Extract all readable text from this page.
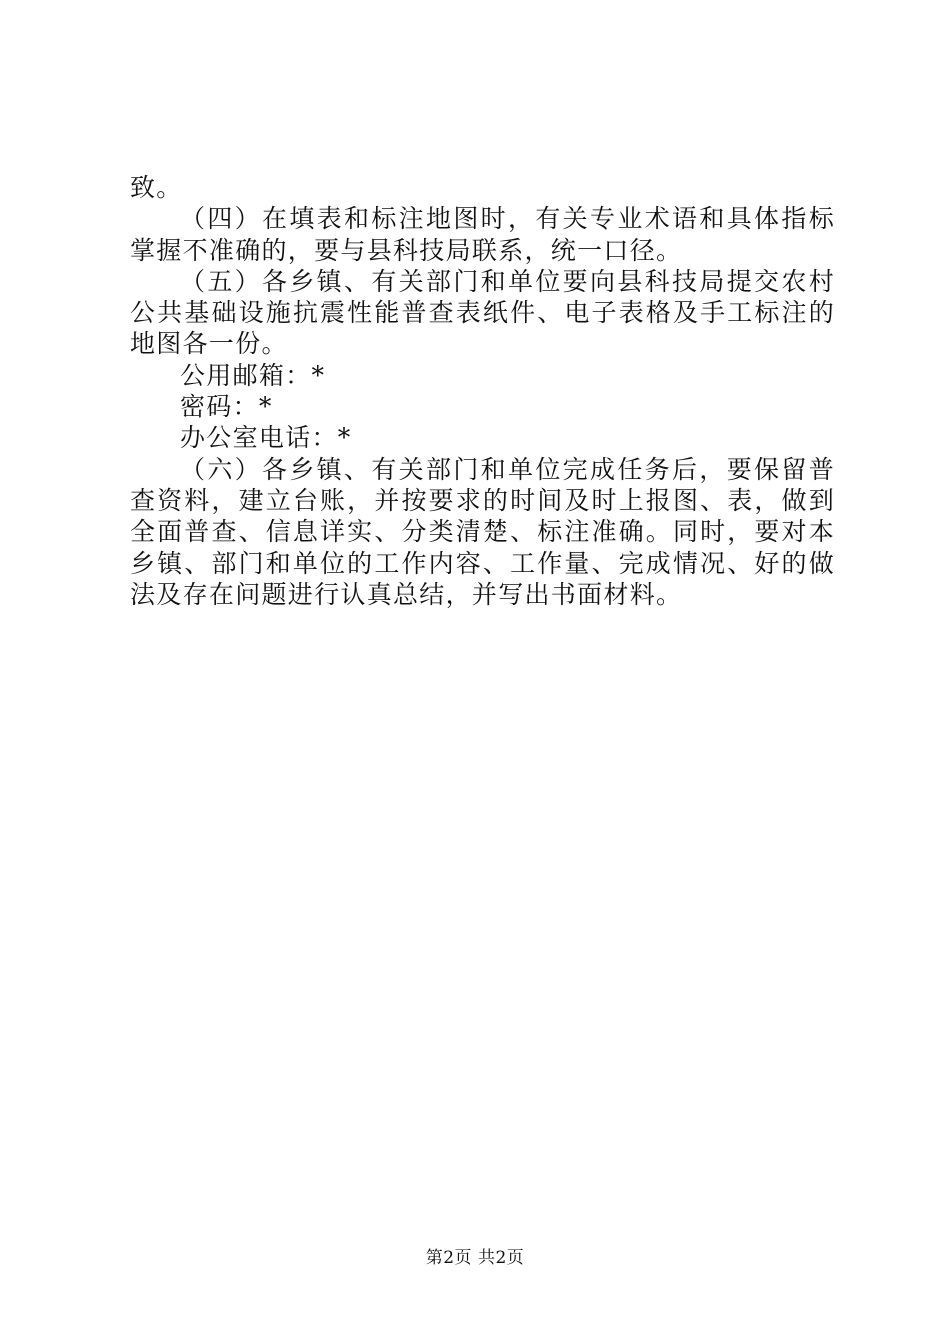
致。

（四）在填表和标注地图时，有关专业术语和具体指标掌握不准确的，要与县科技局联系，统一口径。

（五）各乡镇、有关部门和单位要向县科技局提交农村公共基础设施抗震性能普查表纸件、电子表格及手工标注的地图各一份。

公用邮箱：*

密码：*

办公室电话：*

（六）各乡镇、有关部门和单位完成任务后，要保留普查资料，建立台账，并按要求的时间及时上报图、表，做到全面普查、信息详实、分类清楚、标注准确。同时，要对本乡镇、部门和单位的工作内容、工作量、完成情况、好的做法及存在问题进行认真总结，并写出书面材料。

第2页 共2页
